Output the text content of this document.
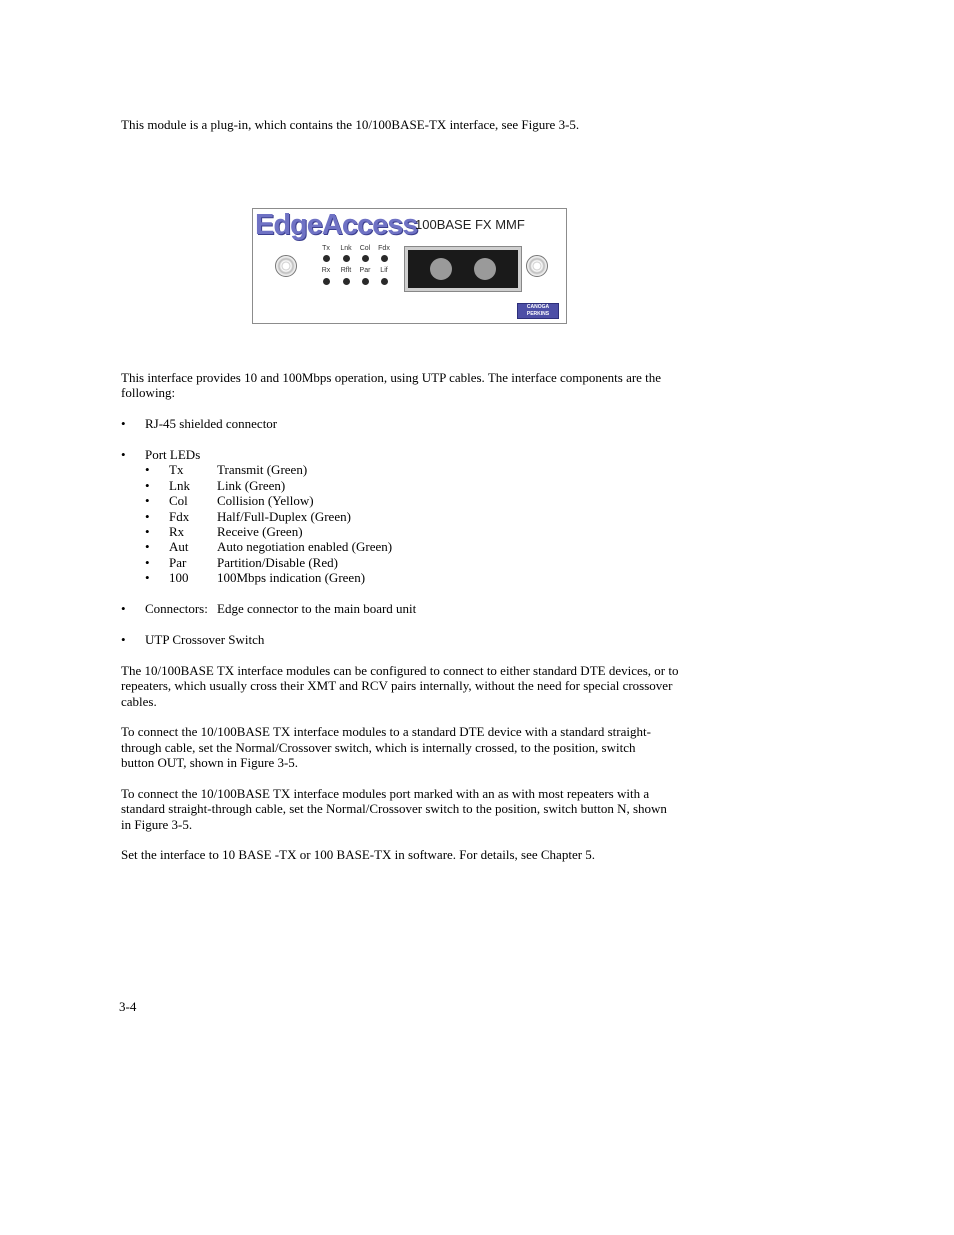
This module is a plug-in, which contains the 10/100BASE-TX interface, see Figure 3-5.
EdgeAccess
100BASE FX MMF
Tx	Lnk	Col	Fdx
Rx	Rflt	Par	Lif
CANOGA
PERKINS
This interface provides 10 and 100Mbps operation, using UTP cables. The interface components are the
following:
• RJ-45 shielded connector
• Port LEDs
• Tx	Transmit (Green)
• Lnk Link (Green)
• Col Collision (Yellow)
• Fdx Half/Full-Duplex (Green)
• Rx	Receive (Green)
• Aut Auto negotiation enabled (Green)
• Par Partition/Disable (Red)
• 100 100Mbps indication (Green)
• Connectors: Edge connector to the main board unit
• UTP Crossover Switch
The 10/100BASE TX interface modules can be configured to connect to either standard DTE devices, or to
repeaters, which usually cross their XMT and RCV pairs internally, without the need for special crossover
cables.
To connect the 10/100BASE TX interface modules to a standard DTE device with a standard straight-
through cable, set the Normal/Crossover switch, which is internally crossed, to the position, switch
button OUT, shown in Figure 3-5.
To connect the 10/100BASE TX interface modules port marked with an as with most repeaters with a
standard straight-through cable, set the Normal/Crossover switch to the position, switch button N, shown
in Figure 3-5.
Set the interface to 10 BASE -TX or 100 BASE-TX in software. For details, see Chapter 5.
3-4
